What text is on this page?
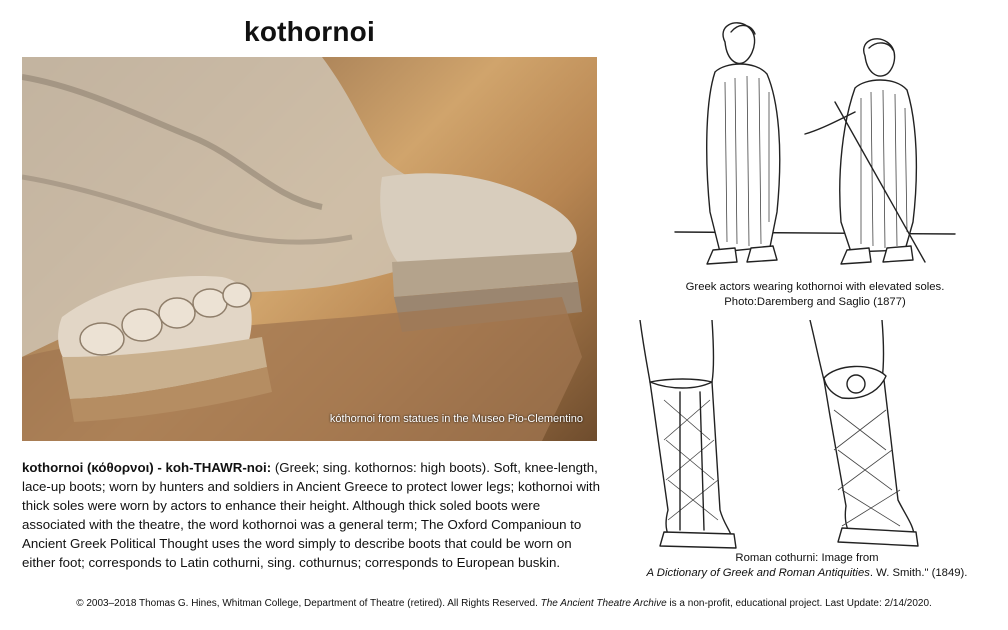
kothornoi
kóthornoi from statues in the Museo Pio-Clementino
kothornoi (κόθορνοι) - koh-THAWR-noi: (Greek; sing. kothornos: high boots). Soft, knee-length, lace-up boots; worn by hunters and soldiers in Ancient Greece to protect lower legs; kothornoi with thick soles were worn by actors to enhance their height. Although thick soled boots were associated with the theatre, the word kothornoi was a general term; The Oxford Companioun to Ancient Greek Political Thought uses the word simply to describe boots that could be worn on either foot; corresponds to Latin cothurni, sing. cothurnus; corresponds to European buskin.
Greek actors wearing kothornoi with elevated soles.
Photo:Daremberg and Saglio (1877)
Roman cothurni: Image from
A Dictionary of Greek and Roman Antiquities. W. Smith." (1849).
© 2003–2018 Thomas G. Hines, Whitman College, Department of Theatre (retired). All Rights Reserved. The Ancient Theatre Archive is a non-profit, educational project. Last Update: 2/14/2020.
